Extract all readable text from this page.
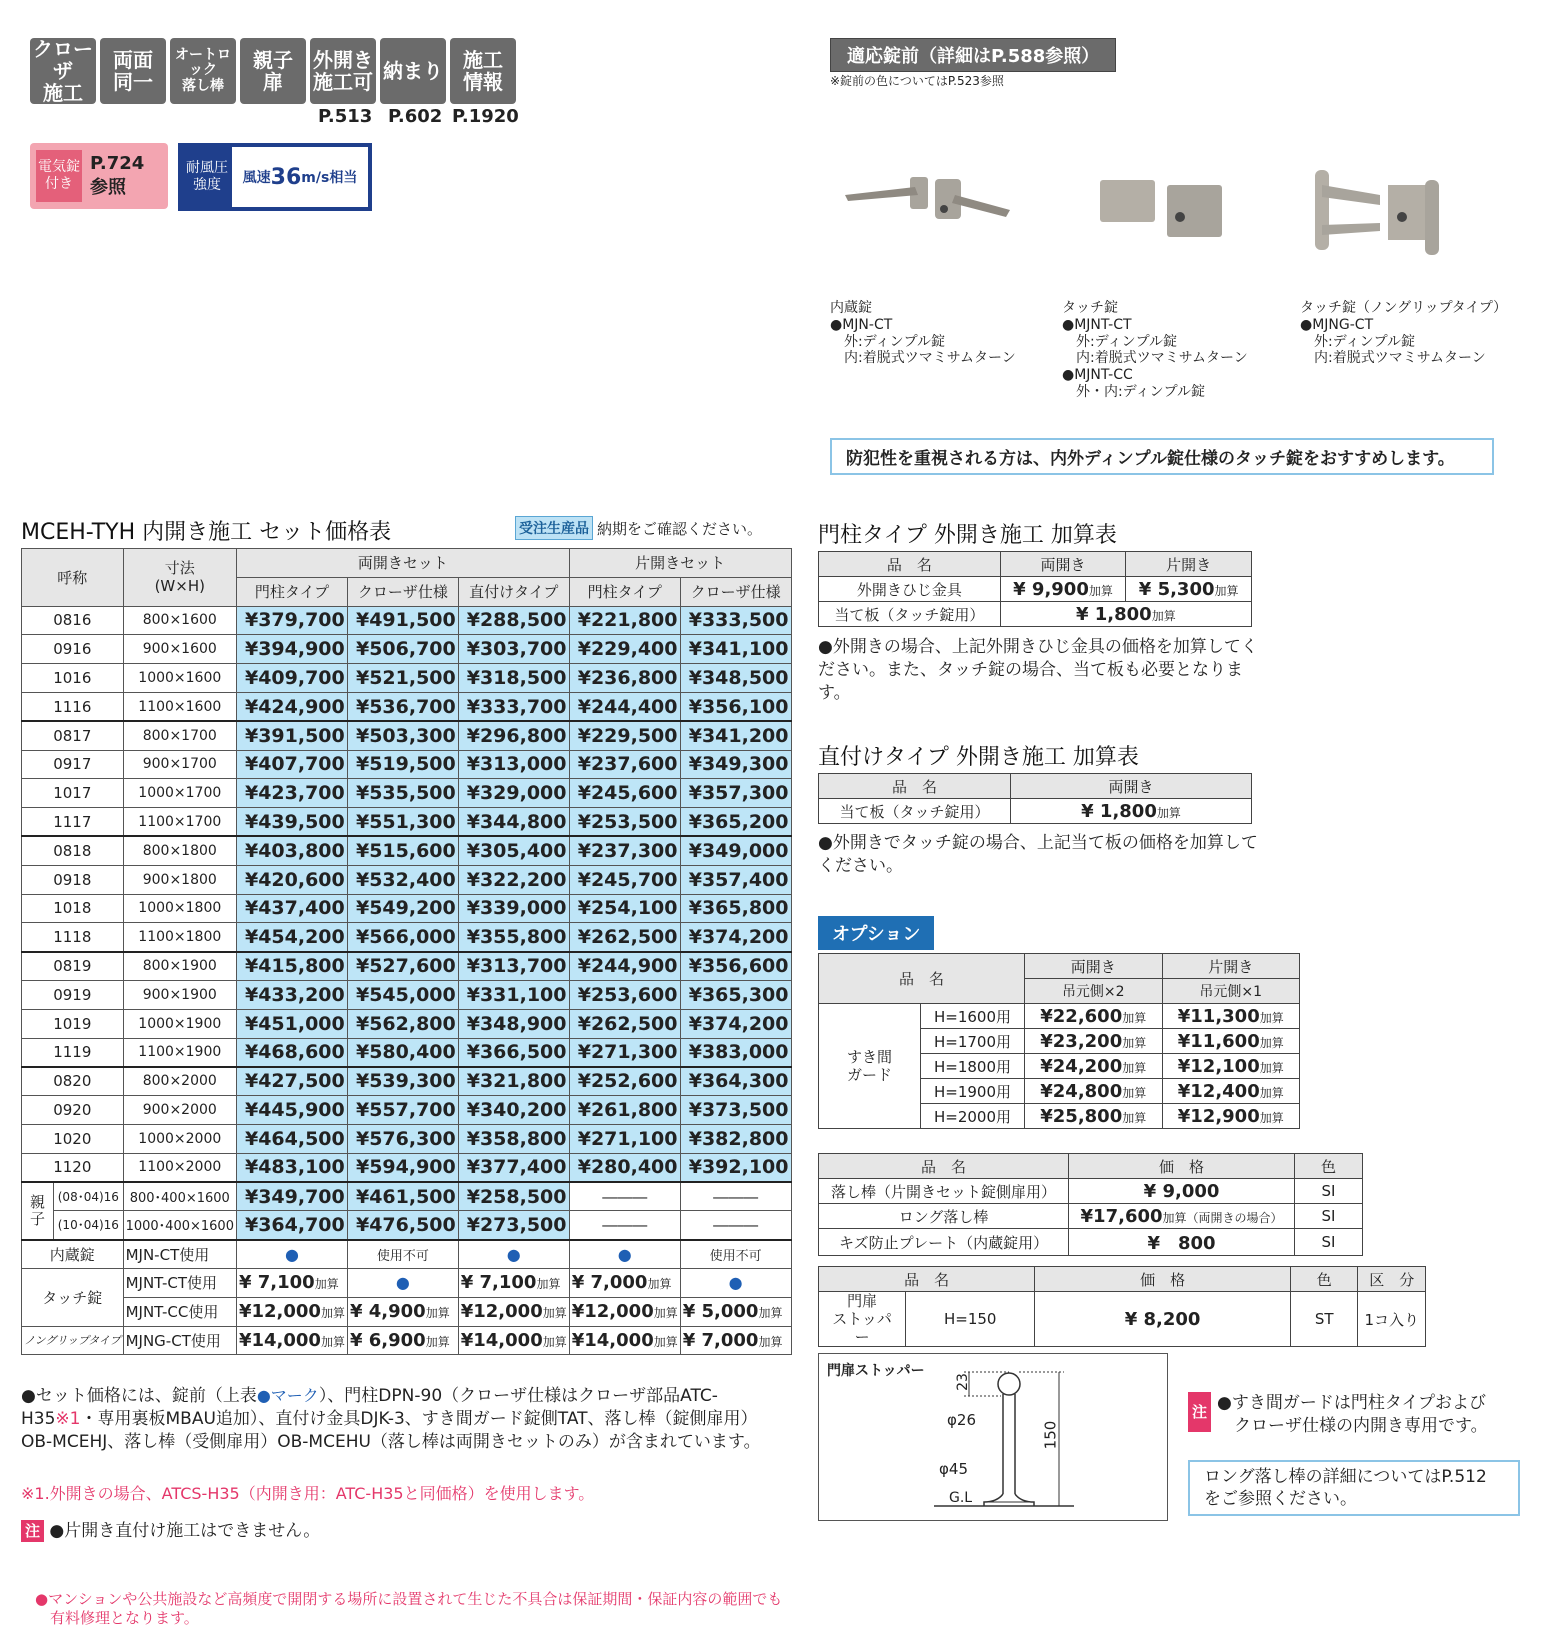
クローザ
施工
両面
同一
オートロック
落し棒
親子
扉
外開き
施工可 納まり	施工
情報
P.513 P.602 P.1920
電気錠
付き
P.724
参照
耐風圧
強度	風速 36 m/s相当
適応錠前（詳細はP.588参照）
※錠前の色についてはP.523参照
内蔵錠
●MJN-CT
　外:ディンプル錠
　内:着脱式ツマミサムターン
タッチ錠
●MJNT-CT
　外:ディンプル錠
　内:着脱式ツマミサムターン
●MJNT-CC
　外・内:ディンプル錠
タッチ錠（ノングリップタイプ）
●MJNG-CT
　外:ディンプル錠
　内:着脱式ツマミサムターン
防犯性を重視される方は、内外ディンプル錠仕様のタッチ錠をおすすめします。
MCEH-TYH 内開き施工 セット価格表	受注生産品 納期をご確認ください。
呼称		寸法
(W×H)	両開きセット			片開きセット	
			門柱タイプ	クローザ仕様	直付けタイプ	門柱タイプ	クローザ仕様
0816		800×1600	¥379,700	¥491,500	¥288,500	¥221,800	¥333,500
0916		900×1600	¥394,900	¥506,700	¥303,700	¥229,400	¥341,100
1016		1000×1600	¥409,700	¥521,500	¥318,500	¥236,800	¥348,500
1116		1100×1600	¥424,900	¥536,700	¥333,700	¥244,400	¥356,100
0817		800×1700	¥391,500	¥503,300	¥296,800	¥229,500	¥341,200
0917		900×1700	¥407,700	¥519,500	¥313,000	¥237,600	¥349,300
1017		1000×1700	¥423,700	¥535,500	¥329,000	¥245,600	¥357,300
1117		1100×1700	¥439,500	¥551,300	¥344,800	¥253,500	¥365,200
0818		800×1800	¥403,800	¥515,600	¥305,400	¥237,300	¥349,000
0918		900×1800	¥420,600	¥532,400	¥322,200	¥245,700	¥357,400
1018		1000×1800	¥437,400	¥549,200	¥339,000	¥254,100	¥365,800
1118		1100×1800	¥454,200	¥566,000	¥355,800	¥262,500	¥374,200
0819		800×1900	¥415,800	¥527,600	¥313,700	¥244,900	¥356,600
0919		900×1900	¥433,200	¥545,000	¥331,100	¥253,600	¥365,300
1019		1000×1900	¥451,000	¥562,800	¥348,900	¥262,500	¥374,200
1119		1100×1900	¥468,600	¥580,400	¥366,500	¥271,300	¥383,000
0820		800×2000	¥427,500	¥539,300	¥321,800	¥252,600	¥364,300
0920		900×2000	¥445,900	¥557,700	¥340,200	¥261,800	¥373,500
1020		1000×2000	¥464,500	¥576,300	¥358,800	¥271,100	¥382,800
1120		1100×2000	¥483,100	¥594,900	¥377,400	¥280,400	¥392,100
親
子	(08･04)16	800･400×1600	¥349,700	¥461,500	¥258,500	―――	―――
	(10･04)16	1000･400×1600	¥364,700	¥476,500	¥273,500	―――	―――
内蔵錠		MJN-CT使用	●	使用不可	●	●	使用不可
タッチ錠		MJNT-CT使用	¥ 7,100加算	●	¥ 7,100加算	¥ 7,000加算	●
		MJNT-CC使用	¥12,000加算	¥ 4,900加算	¥12,000加算	¥12,000加算	¥ 5,000加算
ノングリップタイプ		MJNG-CT使用	¥14,000加算	¥ 6,900加算	¥14,000加算	¥14,000加算	¥ 7,000加算
●セット価格には、錠前（上表●マーク）、門柱DPN-90（クローザ仕様はクローザ部品ATC-H35※1・専用裏板MBAU追加）、直付け金具DJK-3、すき間ガード錠側TAT、落し棒（錠側扉用）OB-MCEHJ、落し棒（受側扉用）OB-MCEHU（落し棒は両開きセットのみ）が含まれています。
※1.外開きの場合、ATCS-H35（内開き用：ATC-H35と同価格）を使用します。
注 ●片開き直付け施工はできません。
●マンションや公共施設など高頻度で開閉する場所に設置されて生じた不具合は保証期間・保証内容の範囲でも
　有料修理となります。
門柱タイプ 外開き施工 加算表
品　名	両開き	片開き
外開きひじ金具	¥ 9,900加算	¥ 5,300加算
当て板（タッチ錠用）	¥ 1,800加算	
●外開きの場合、上記外開きひじ金具の価格を加算してください。また、タッチ錠の場合、当て板も必要となります。
直付けタイプ 外開き施工 加算表
品　名	両開き
当て板（タッチ錠用）	¥ 1,800加算
●外開きでタッチ錠の場合、上記当て板の価格を加算してください。
オプション
品　名		両開き	片開き
		吊元側×2	吊元側×1
すき間
ガード	H=1600用	¥22,600加算	¥11,300加算
	H=1700用	¥23,200加算	¥11,600加算
	H=1800用	¥24,200加算	¥12,100加算
	H=1900用	¥24,800加算	¥12,400加算
	H=2000用	¥25,800加算	¥12,900加算
品　名	価　格	色
落し棒（片開きセット錠側扉用）	¥ 9,000	SI
ロング落し棒	¥17,600加算（両開きの場合）	SI
キズ防止プレート（内蔵錠用）	¥　800	SI
品　名		価　格	色	区　分
門扉
ストッパー	H=150	¥ 8,200	ST	1コ入り
門扉ストッパー
23
φ26
φ45
150
G.L
注 ●すき間ガードは門柱タイプおよび
　クローザ仕様の内開き専用です。
ロング落し棒の詳細についてはP.512
をご参照ください。
